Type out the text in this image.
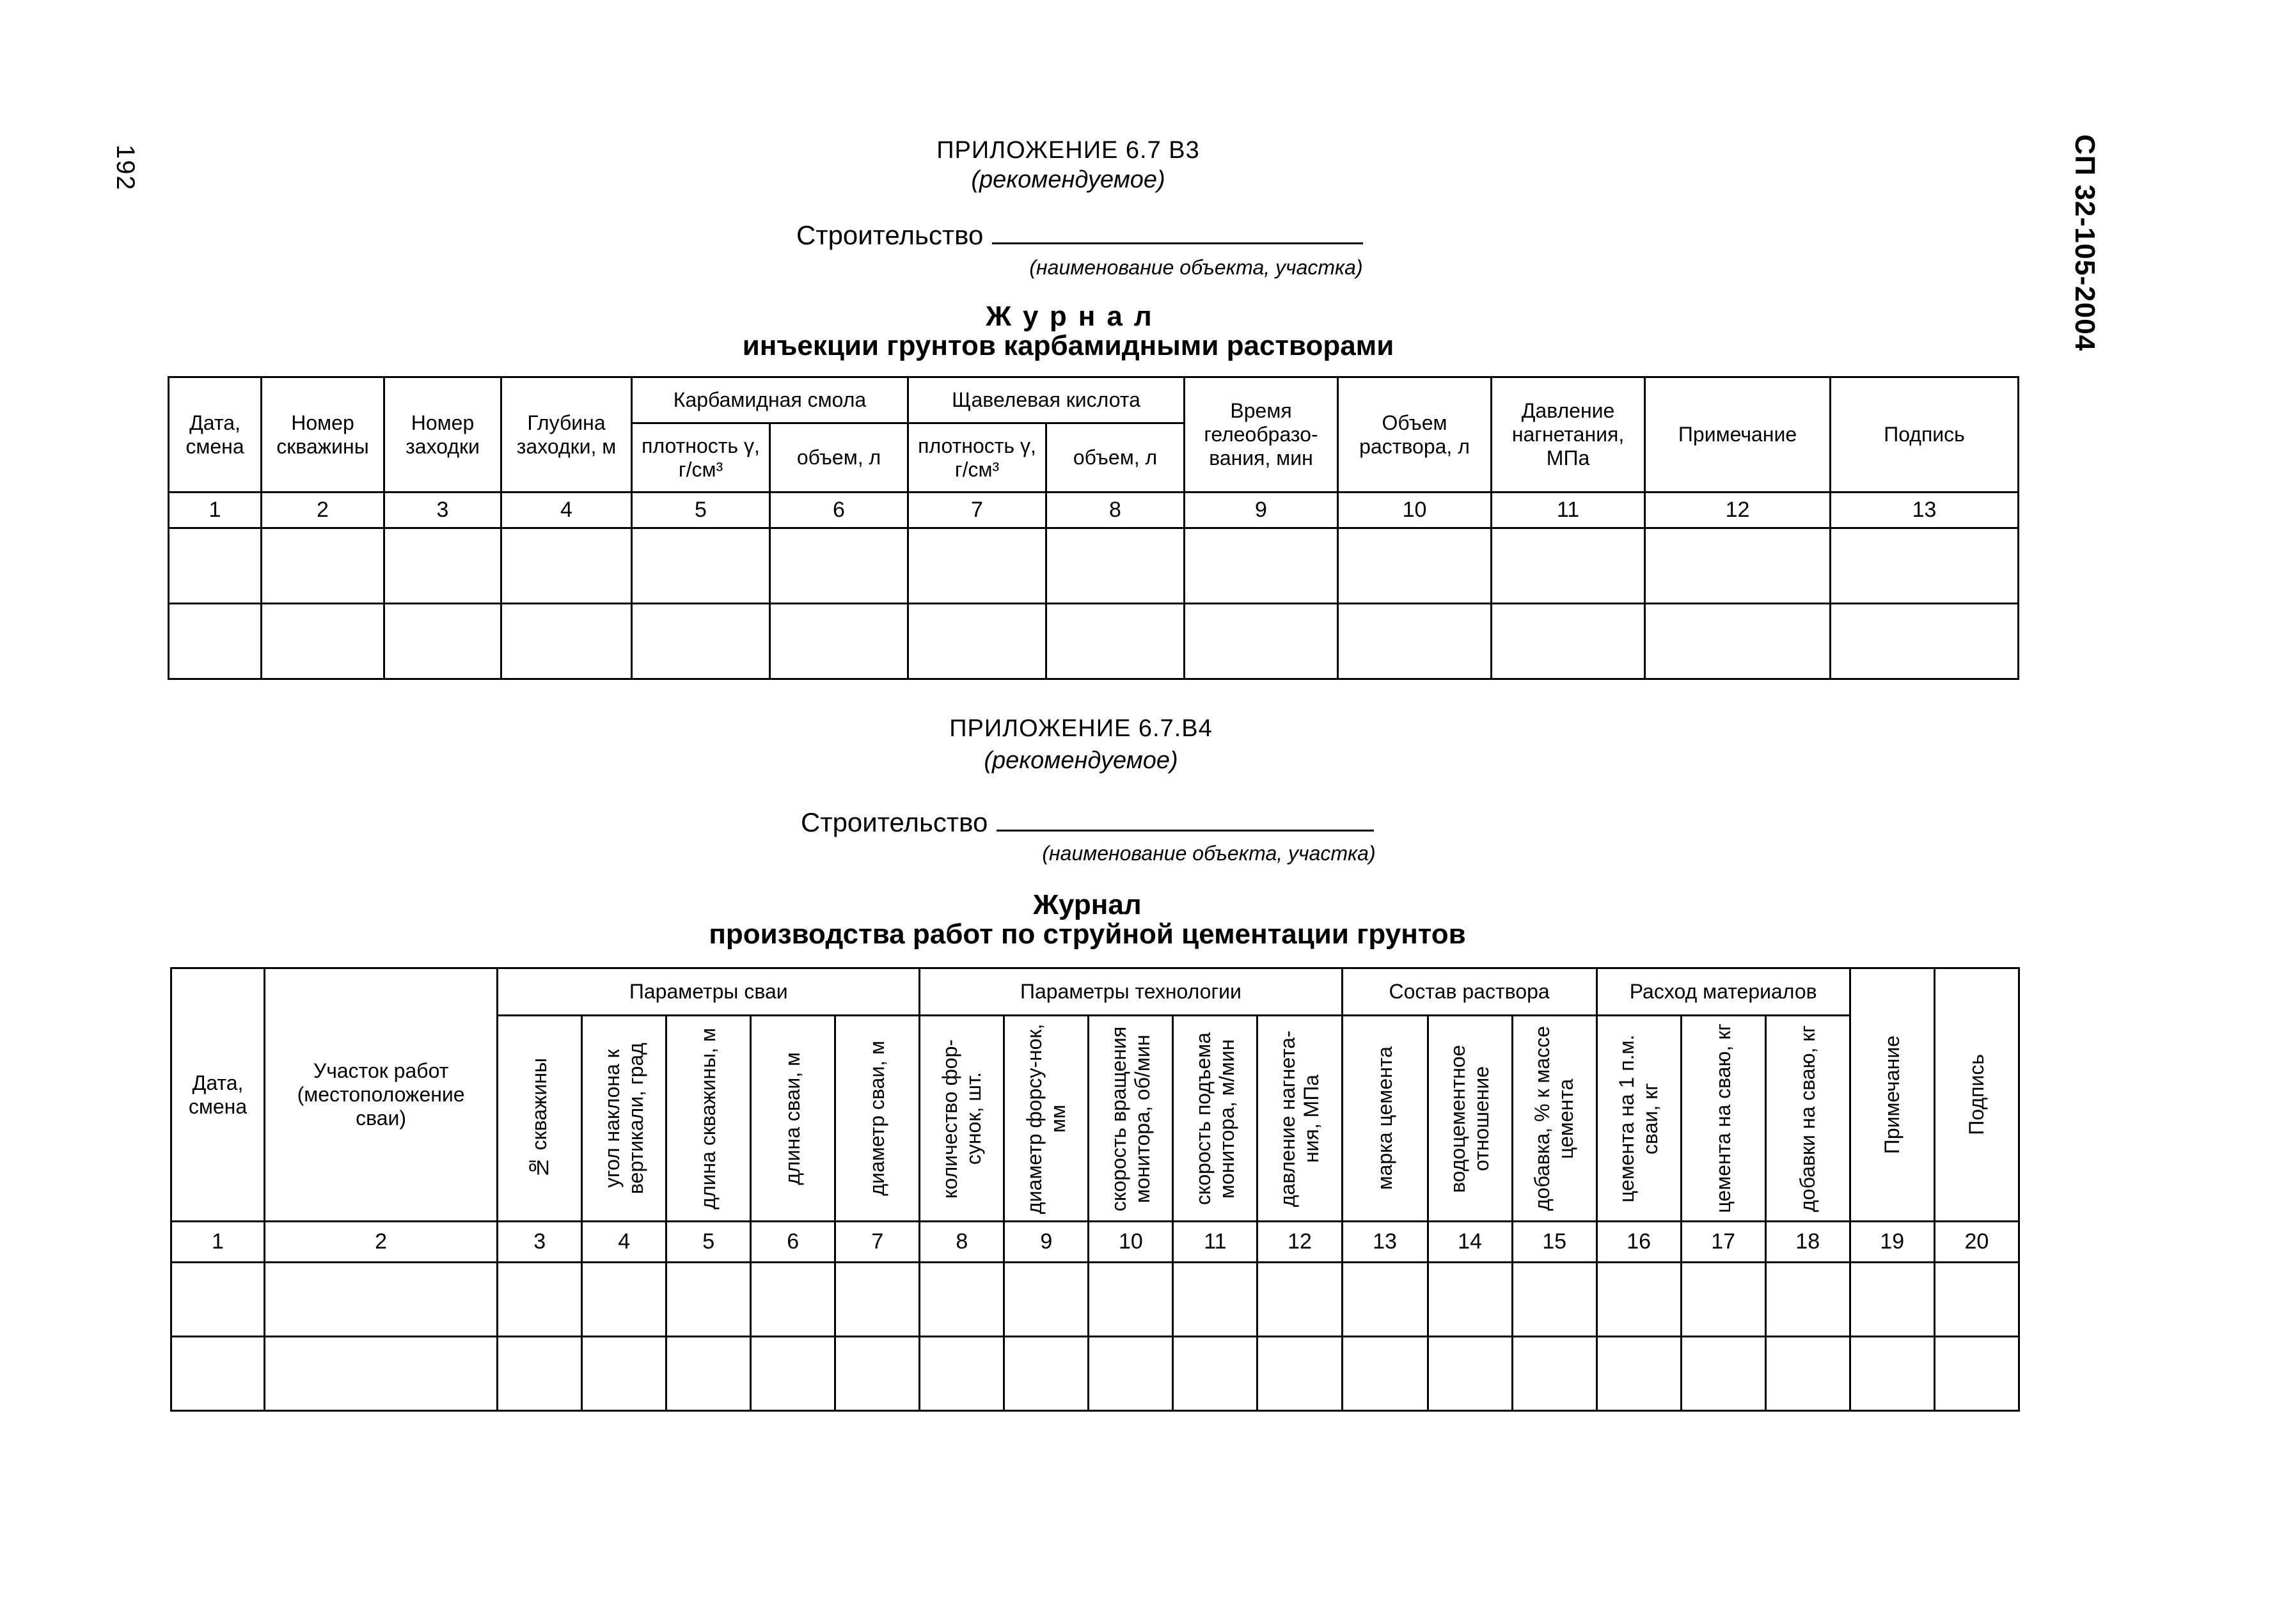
192	СП 32-105-2004
ПРИЛОЖЕНИЕ 6.7 В3
(рекомендуемое)
Строительство
(наименование объекта, участка)
Журнал
инъекции грунтов карбамидными растворами
Дата, смена	Номер скважины	Номер заходки	Глубина заходки, м	Карбамидная смола		Щавелевая кислота		Время гелеобразо-вания, мин	Объем раствора, л	Давление нагнетания, МПа	Примечание	Подпись
				плотность γ, г/см³	объем, л	плотность γ, г/см³	объем, л					
1	2	3	4	5	6	7	8	9	10	11	12	13

ПРИЛОЖЕНИЕ 6.7.В4
(рекомендуемое)
Строительство
(наименование объекта, участка)
Журнал
производства работ по струйной цементации грунтов
Дата, смена	Участок работ (местоположение сваи)	Параметры сваи					Параметры технологии					Состав раствора			Расход материалов			Примечание	Подпись

		№ скважины	угол наклона к вертикали, град	длина скважины, м	длина сваи, м	диаметр сваи, м	количество фор-сунок, шт.	диаметр форсу-нок, мм	скорость вращения монитора, об/мин	скорость подъема монитора, м/мин	давление нагнета-ния, МПа	марка цемента	водоцементное отношение	добавка, % к массе цемента	цемента на 1 п.м. сваи, кг	цемента на сваю, кг	добавки на сваю, кг		

1	2	3	4	5	6	7	8	9	10	11	12	13	14	15	16	17	18	19	20
